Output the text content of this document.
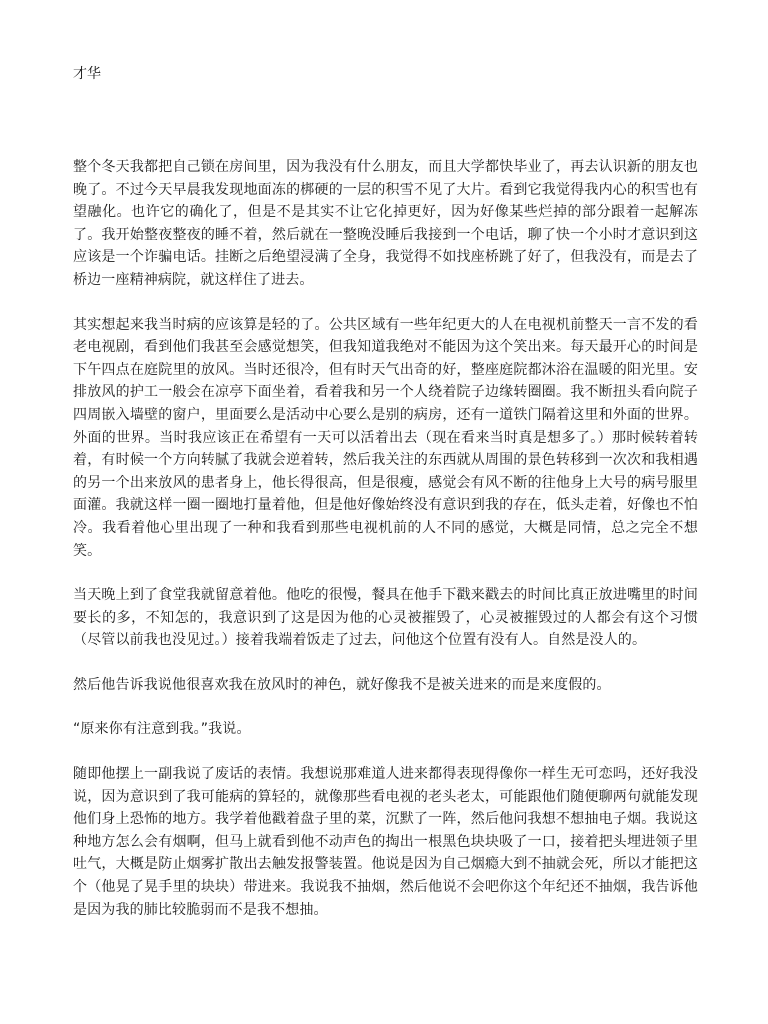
才华

整个冬天我都把自己锁在房间里，因为我没有什么朋友，而且大学都快毕业了，再去认识新的朋友也晚了。不过今天早晨我发现地面冻的梆硬的一层的积雪不见了大片。看到它我觉得我内心的积雪也有望融化。也许它的确化了，但是不是其实不让它化掉更好，因为好像某些烂掉的部分跟着一起解冻了。我开始整夜整夜的睡不着，然后就在一整晚没睡后我接到一个电话，聊了快一个小时才意识到这应该是一个诈骗电话。挂断之后绝望浸满了全身，我觉得不如找座桥跳了好了，但我没有，而是去了桥边一座精神病院，就这样住了进去。

其实想起来我当时病的应该算是轻的了。公共区域有一些年纪更大的人在电视机前整天一言不发的看老电视剧，看到他们我甚至会感觉想笑，但我知道我绝对不能因为这个笑出来。每天最开心的时间是下午四点在庭院里的放风。当时还很冷，但有时天气出奇的好，整座庭院都沐浴在温暖的阳光里。安排放风的护工一般会在凉亭下面坐着，看着我和另一个人绕着院子边缘转圈圈。我不断扭头看向院子四周嵌入墙壁的窗户，里面要么是活动中心要么是别的病房，还有一道铁门隔着这里和外面的世界。外面的世界。当时我应该正在希望有一天可以活着出去（现在看来当时真是想多了。）那时候转着转着，有时候一个方向转腻了我就会逆着转，然后我关注的东西就从周围的景色转移到一次次和我相遇的另一个出来放风的患者身上，他长得很高，但是很瘦，感觉会有风不断的往他身上大号的病号服里面灌。我就这样一圈一圈地打量着他，但是他好像始终没有意识到我的存在，低头走着，好像也不怕冷。我看着他心里出现了一种和我看到那些电视机前的人不同的感觉，大概是同情，总之完全不想笑。

当天晚上到了食堂我就留意着他。他吃的很慢，餐具在他手下戳来戳去的时间比真正放进嘴里的时间要长的多，不知怎的，我意识到了这是因为他的心灵被摧毁了，心灵被摧毁过的人都会有这个习惯（尽管以前我也没见过。）接着我端着饭走了过去，问他这个位置有没有人。自然是没人的。

然后他告诉我说他很喜欢我在放风时的神色，就好像我不是被关进来的而是来度假的。

“原来你有注意到我。”我说。

随即他摆上一副我说了废话的表情。我想说那难道人进来都得表现得像你一样生无可恋吗，还好我没说，因为意识到了我可能病的算轻的，就像那些看电视的老头老太，可能跟他们随便聊两句就能发现他们身上恐怖的地方。我学着他戳着盘子里的菜，沉默了一阵，然后他问我想不想抽电子烟。我说这种地方怎么会有烟啊，但马上就看到他不动声色的掏出一根黑色块块吸了一口，接着把头埋进领子里吐气，大概是防止烟雾扩散出去触发报警装置。他说是因为自己烟瘾大到不抽就会死，所以才能把这个（他晃了晃手里的块块）带进来。我说我不抽烟，然后他说不会吧你这个年纪还不抽烟，我告诉他是因为我的肺比较脆弱而不是我不想抽。
